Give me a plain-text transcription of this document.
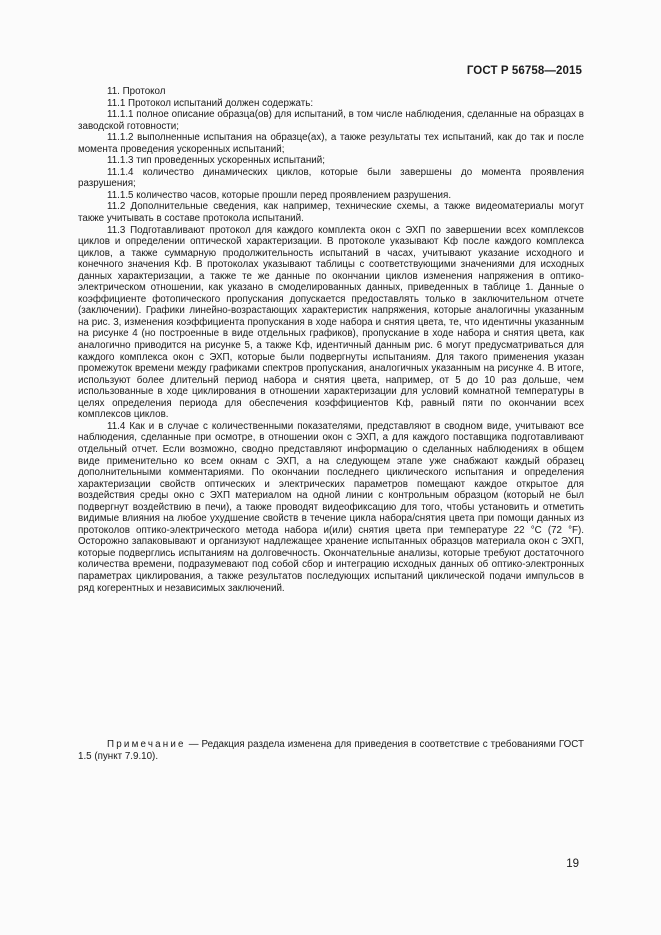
ГОСТ Р 56758—2015

11. Протокол

11.1 Протокол испытаний должен содержать:

11.1.1 полное описание образца(ов) для испытаний, в том числе наблюдения, сделанные на образцах в заводской готовности;

11.1.2 выполненные испытания на образце(ах), а также результаты тех испытаний, как до так и после момента проведения ускоренных испытаний;

11.1.3 тип проведенных ускоренных испытаний;

11.1.4 количество динамических циклов, которые были завершены до момента проявления разрушения;

11.1.5 количество часов, которые прошли перед проявлением разрушения.

11.2 Дополнительные сведения, как например, технические схемы, а также видеоматериалы могут также учитывать в составе протокола испытаний.

11.3 Подготавливают протокол для каждого комплекта окон с ЭХП по завершении всех комплексов циклов и определении оптической характеризации. В протоколе указывают Kф после каждого комплекса циклов, а также суммарную продолжительность испытаний в часах, учитывают указание исходного и конечного значения Kф. В протоколах указывают таблицы с соответствующими значениями для исходных данных характеризации, а также те же данные по окончании циклов изменения напряжения в оптико-электрическом отношении, как указано в смоделированных данных, приведенных в таблице 1. Данные о коэффициенте фотопического пропускания допускается предоставлять только в заключительном отчете (заключении). Графики линейно-возрастающих характеристик напряжения, которые аналогичны указанным на рис. 3, изменения коэффициента пропускания в ходе набора и снятия цвета, те, что идентичны указанным на рисунке 4 (но построенные в виде отдельных графиков), пропускание в ходе набора и снятия цвета, как аналогично приводится на рисунке 5, а также Kф, идентичный данным рис. 6 могут предусматриваться для каждого комплекса окон с ЭХП, которые были подвергнуты испытаниям. Для такого применения указан промежуток времени между графиками спектров пропускания, аналогичных указанным на рисунке 4. В итоге, используют более длительнй период набора и снятия цвета, например, от 5 до 10 раз дольше, чем использованные в ходе циклирования в отношении характеризации для условий комнатной температуры в целях определения периода для обеспечения коэффициентов Kф, равный пяти по окончании всех комплексов циклов.

11.4 Как и в случае с количественными показателями, представляют в сводном виде, учитывают все наблюдения, сделанные при осмотре, в отношении окон с ЭХП, а для каждого поставщика подготавливают отдельный отчет. Если возможно, сводно представляют информацию о сделанных наблюдениях в общем виде применительно ко всем окнам с ЭХП, а на следующем этапе уже снабжают каждый образец дополнительными комментариями. По окончании последнего циклического испытания и определения характеризации свойств оптических и электрических параметров помещают каждое открытое для воздействия среды окно с ЭХП материалом на одной линии с контрольным образцом (который не был подвергнут воздействию в печи), а также проводят видеофиксацию для того, чтобы установить и отметить видимые влияния на любое ухудшение свойств в течение цикла набора/снятия цвета при помощи данных из протоколов оптико-электрического метода набора и(или) снятия цвета при температуре 22 °С (72 °F). Осторожно запаковывают и организуют надлежащее хранение испытанных образцов материала окон с ЭХП, которые подверглись испытаниям на долговечность. Окончательные анализы, которые требуют достаточного количества времени, подразумевают под собой сбор и интеграцию исходных данных об оптико-электронных параметрах циклирования, а также результатов последующих испытаний циклической подачи импульсов в ряд когерентных и независимых заключений.

Примечание — Редакция раздела изменена для приведения в соответствие с требованиями ГОСТ 1.5 (пункт 7.9.10).

19
